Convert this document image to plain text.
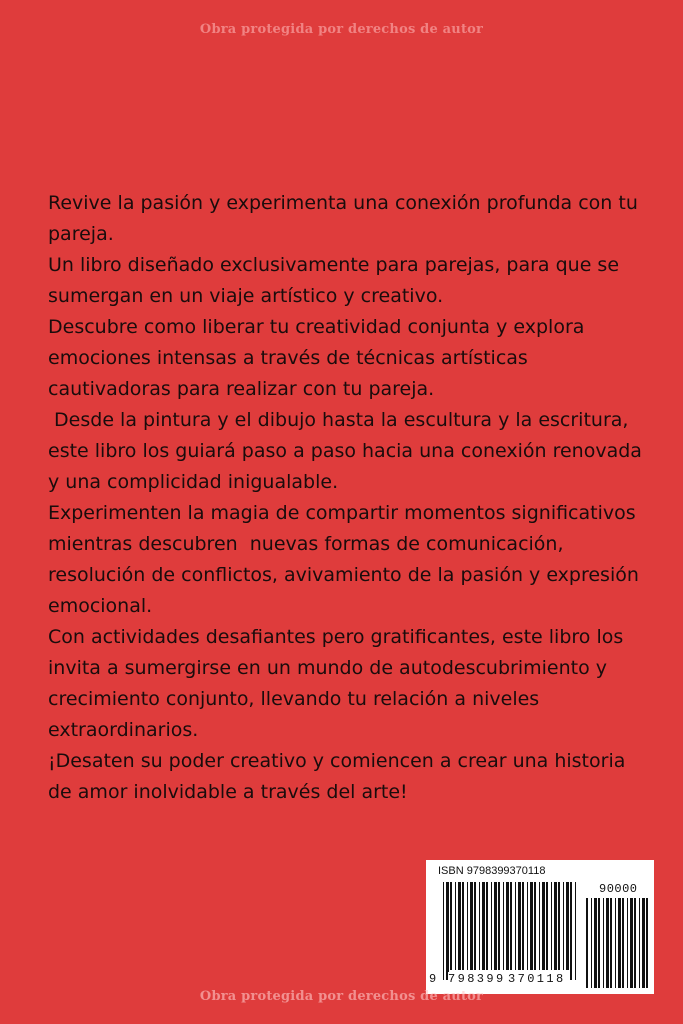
Obra protegida por derechos de autor

Revive la pasión y experimenta una conexión profunda con tu pareja.

Un libro diseñado exclusivamente para parejas, para que se sumergan en un viaje artístico y creativo.

Descubre como liberar tu creatividad conjunta y explora emociones intensas a través de técnicas artísticas cautivadoras para realizar con tu pareja.

Desde la pintura y el dibujo hasta la escultura y la escritura, este libro los guiará paso a paso hacia una conexión renovada y una complicidad inigualable.

Experimenten la magia de compartir momentos significativos mientras descubren  nuevas formas de comunicación, resolución de conflictos, avivamiento de la pasión y expresión emocional.

Con actividades desafiantes pero gratificantes, este libro los invita a sumergirse en un mundo de autodescubrimiento y crecimiento conjunto, llevando tu relación a niveles extraordinarios.

¡Desaten su poder creativo y comiencen a crear una historia de amor inolvidable a través del arte!

ISBN 9798399370118
90000
9 798399 370118
Obra protegida por derechos de autor
